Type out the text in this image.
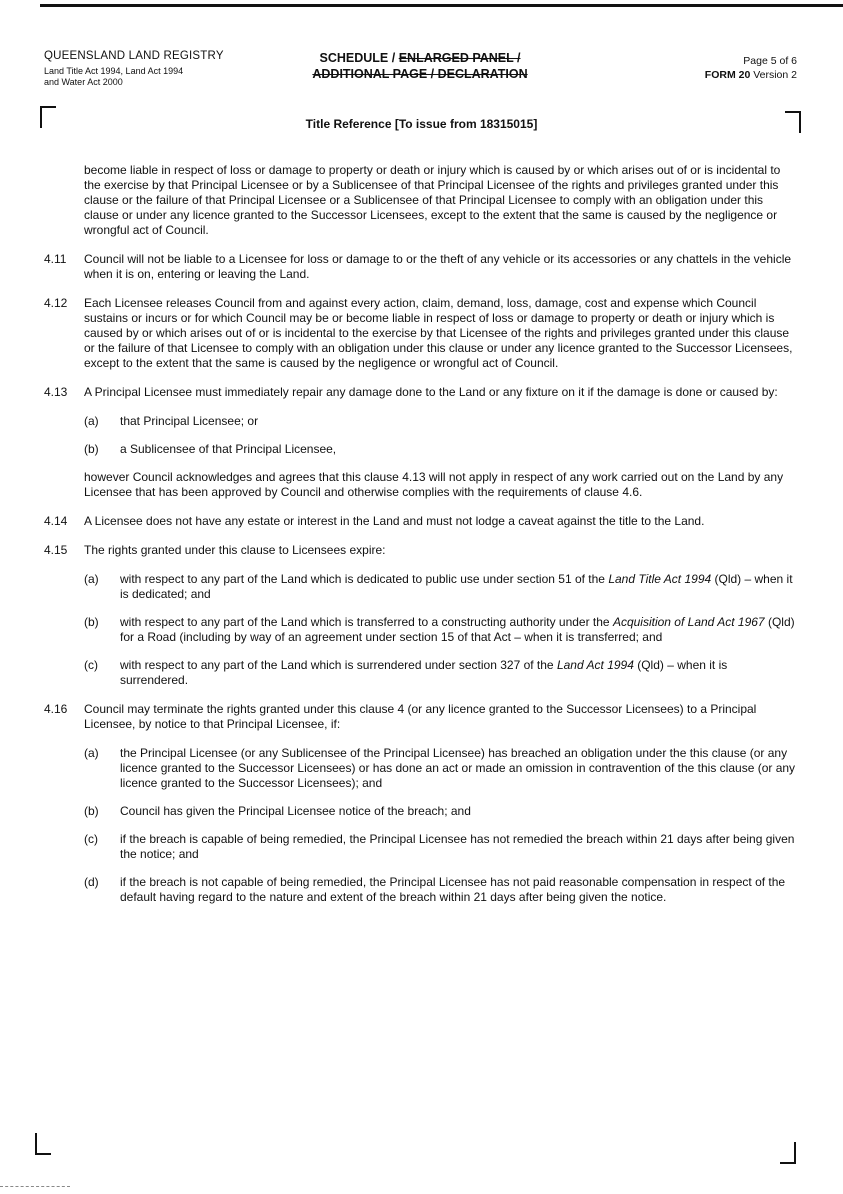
QUEENSLAND LAND REGISTRY
Land Title Act 1994, Land Act 1994
and Water Act 2000
SCHEDULE / ENLARGED PANEL /
ADDITIONAL PAGE / DECLARATION
Page 5 of 6
FORM 20 Version 2
Title Reference [To issue from 18315015]
become liable in respect of loss or damage to property or death or injury which is caused by or which arises out of or is incidental to the exercise by that Principal Licensee or by a Sublicensee of that Principal Licensee of the rights and privileges granted under this clause or the failure of that Principal Licensee or a Sublicensee of that Principal Licensee to comply with an obligation under this clause or under any licence granted to the Successor Licensees, except to the extent that the same is caused by the negligence or wrongful act of Council.
4.11	Council will not be liable to a Licensee for loss or damage to or the theft of any vehicle or its accessories or any chattels in the vehicle when it is on, entering or leaving the Land.
4.12	Each Licensee releases Council from and against every action, claim, demand, loss, damage, cost and expense which Council sustains or incurs or for which Council may be or become liable in respect of loss or damage to property or death or injury which is caused by or which arises out of or is incidental to the exercise by that Licensee of the rights and privileges granted under this clause or the failure of that Licensee to comply with an obligation under this clause or under any licence granted to the Successor Licensees, except to the extent that the same is caused by the negligence or wrongful act of Council.
4.13	A Principal Licensee must immediately repair any damage done to the Land or any fixture on it if the damage is done or caused by:

(a)	that Principal Licensee; or
(b)	a Sublicensee of that Principal Licensee,

however Council acknowledges and agrees that this clause 4.13 will not apply in respect of any work carried out on the Land by any Licensee that has been approved by Council and otherwise complies with the requirements of clause 4.6.

4.14	A Licensee does not have any estate or interest in the Land and must not lodge a caveat against the title to the Land.
4.15	The rights granted under this clause to Licensees expire:

(a)	with respect to any part of the Land which is dedicated to public use under section 51 of the Land Title Act 1994 (Qld) – when it is dedicated; and
(b)	with respect to any part of the Land which is transferred to a constructing authority under the Acquisition of Land Act 1967 (Qld) for a Road (including by way of an agreement under section 15 of that Act – when it is transferred; and
(c)	with respect to any part of the Land which is surrendered under section 327 of the Land Act 1994 (Qld) – when it is surrendered.
4.16	Council may terminate the rights granted under this clause 4 (or any licence granted to the Successor Licensees) to a Principal Licensee, by notice to that Principal Licensee, if:

(a)	the Principal Licensee (or any Sublicensee of the Principal Licensee) has breached an obligation under the this clause (or any licence granted to the Successor Licensees) or has done an act or made an omission in contravention of the this clause (or any licence granted to the Successor Licensees); and
(b)	Council has given the Principal Licensee notice of the breach; and
(c)	if the breach is capable of being remedied, the Principal Licensee has not remedied the breach within 21 days after being given the notice; and
(d)	if the breach is not capable of being remedied, the Principal Licensee has not paid reasonable compensation in respect of the default having regard to the nature and extent of the breach within 21 days after being given the notice.
